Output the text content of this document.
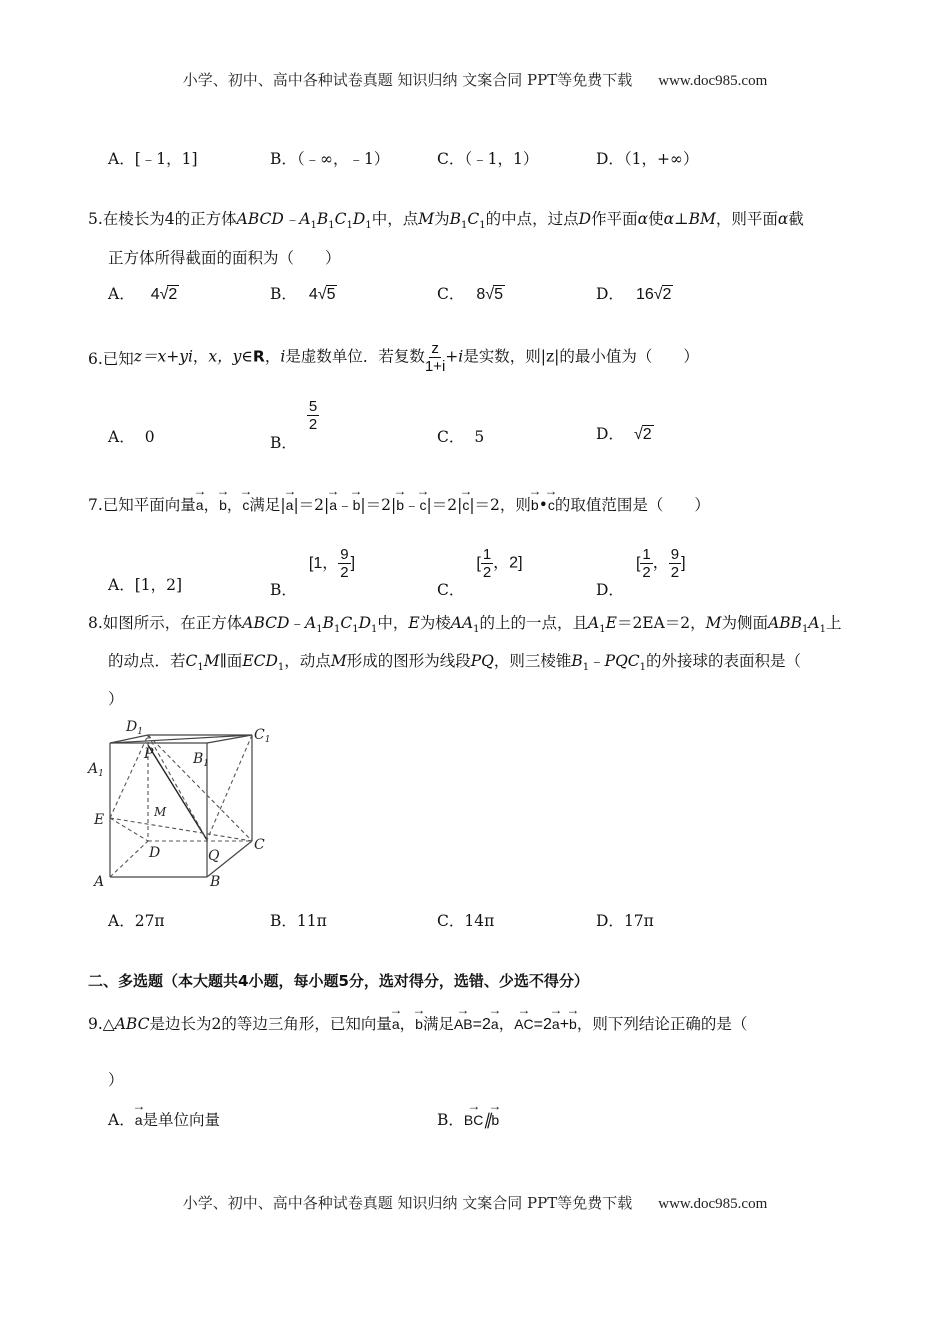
小学、初中、高中各种试卷真题 知识归纳 文案合同 PPT等免费下载 www.doc985.com
A．[﹣1，1]	B．（﹣∞，﹣1）	C．（﹣1，1）	D．（1，+∞）
5.在棱长为4的正方体$ABCD﹣A_1B_1C_1D_1$中，点M为$B_1C_1$的中点，过点D作平面α使α⊥BM，则平面α截
正方体所得截面的面积为（　　）
A． 4√2	B． 4√5	C． 8√5	D． 16√2
6.已知z＝x+yi，x，y∈R，i是虚数单位．若复数 $\frac{z}{1+i} +i$是实数，则|z|的最小值为（　　）
A． 0	B．
$\frac{5}{2}$
C． 5	D． √2
7.已知平面向量→ a，→ b，→ c满足|→ a|＝2|→ a﹣→ b|＝2|→ b﹣→ c|＝2|→ c|＝2，则→ b•→ c的取值范围是（　　）
A．[1，2]	B．[1， $\frac{9}{2}$ ]
C．[ $\frac{1}{2}$ ，2]
D．[ $\frac{1}{2}$ ， $\frac{9}{2}$ ]
8.如图所示，在正方体$ABCD﹣A_1B_1C_1D_1$中，E为棱$AA_1$的上的一点，且$A_1E=2EA=2$，M为侧面$ABB_1A_1$上
的动点．若$C_1M\parallel$面$ECD_1$，动点M形成的图形为线段PQ，则三棱锥$B_1﹣PQC_1$的外接球的表面积是（
）
$D_1$	$C_1$
$A_1$
$B_1$
P
M
E
D	Q
C
A	B
A．27π	B．11π	C．14π	D．17π
二、多选题（本大题共4小题，每小题5分，选对得分，选错、少选不得分）
9.△ABC是边长为2的等边三角形，已知向量→ a，→ b满足→ AB=2→ a，→ AC=2→ a+→ b，则下列结论正确的是（
）
A．→ a是单位向量	B．→ BC∥→ b
小学、初中、高中各种试卷真题 知识归纳 文案合同 PPT等免费下载 www.doc985.com
